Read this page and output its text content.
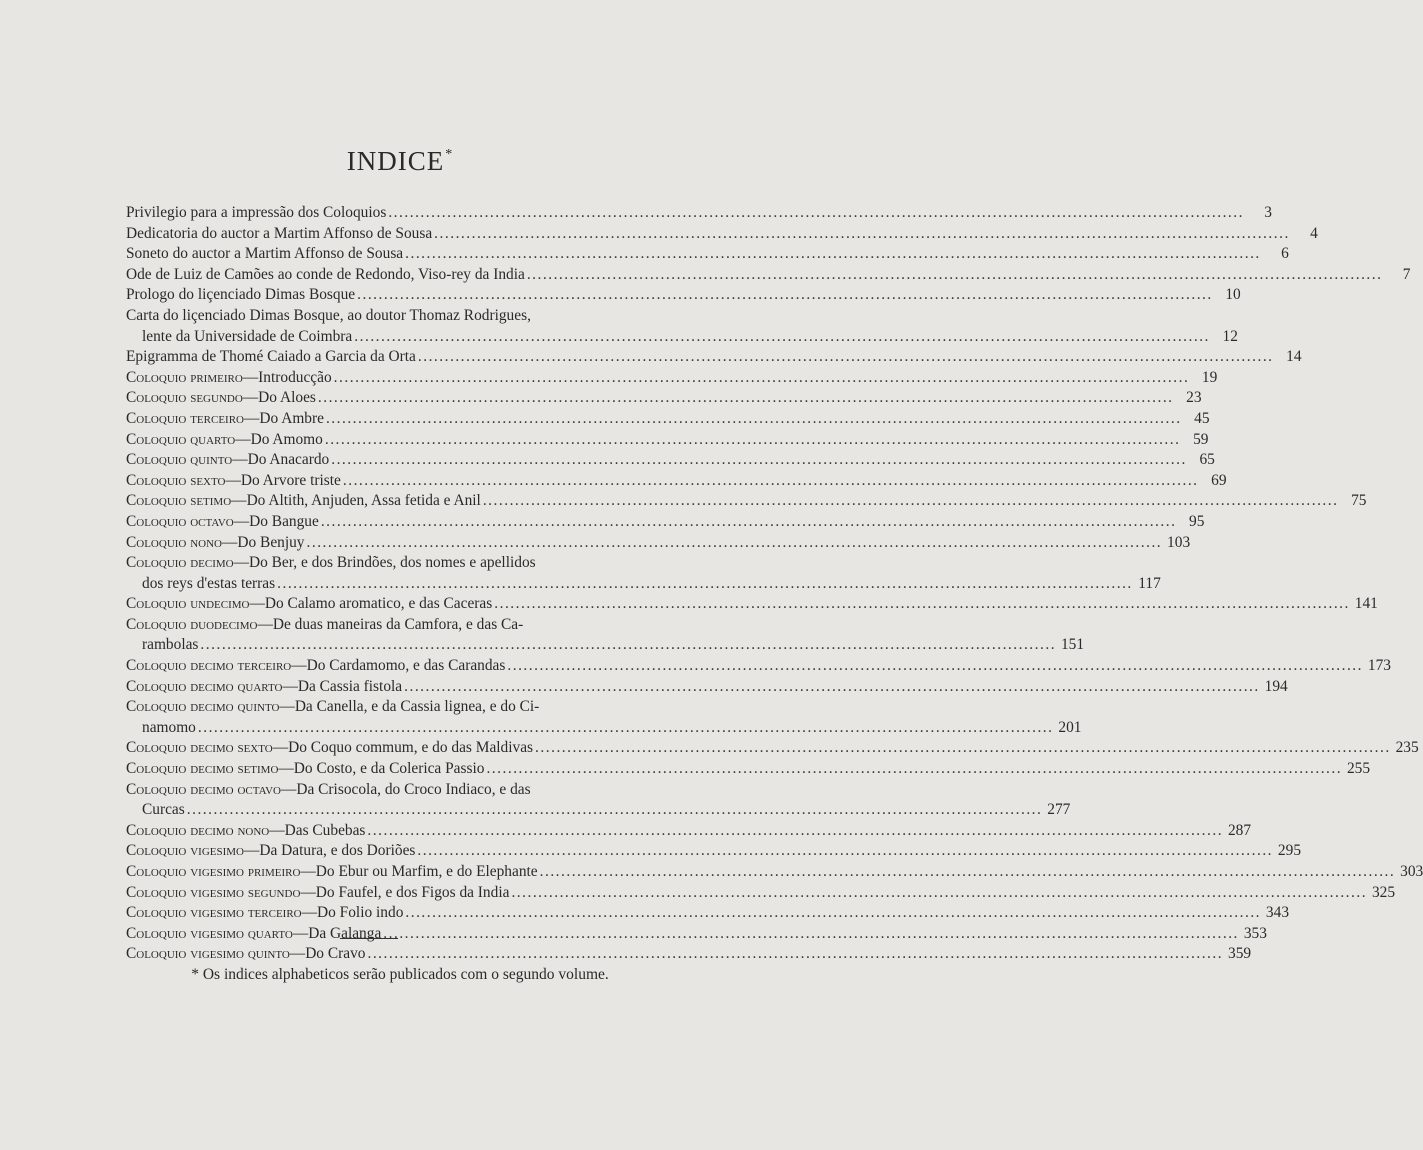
INDICE*
Privilegio para a impressão dos Coloquios ................................................................................................................................................................	3
Dedicatoria do auctor a Martim Affonso de Sousa ................................................................................................................................................................	4
Soneto do auctor a Martim Affonso de Sousa ................................................................................................................................................................	6
Ode de Luiz de Camões ao conde de Redondo, Viso-rey da India ................................................................................................................................................................	7
Prologo do liçenciado Dimas Bosque ................................................................................................................................................................ 10
Carta do liçenciado Dimas Bosque, ao doutor Thomaz Rodrigues,
lente da Universidade de Coimbra ................................................................................................................................................................ 12
Epigramma de Thomé Caiado a Garcia da Orta ................................................................................................................................................................ 14
Coloquio primeiro—Introducção ................................................................................................................................................................ 19
Coloquio segundo—Do Aloes ................................................................................................................................................................ 23
Coloquio terceiro—Do Ambre ................................................................................................................................................................ 45
Coloquio quarto—Do Amomo ................................................................................................................................................................ 59
Coloquio quinto—Do Anacardo ................................................................................................................................................................ 65
Coloquio sexto—Do Arvore triste ................................................................................................................................................................ 69
Coloquio setimo—Do Altith, Anjuden, Assa fetida e Anil ................................................................................................................................................................ 75
Coloquio octavo—Do Bangue ................................................................................................................................................................ 95
Coloquio nono—Do Benjuy ................................................................................................................................................................ 103
Coloquio decimo—Do Ber, e dos Brindões, dos nomes e apellidos
dos reys d'estas terras ................................................................................................................................................................ 117
Coloquio undecimo—Do Calamo aromatico, e das Caceras ................................................................................................................................................................ 141
Coloquio duodecimo—De duas maneiras da Camfora, e das Ca-
rambolas ................................................................................................................................................................ 151
Coloquio decimo terceiro—Do Cardamomo, e das Carandas ................................................................................................................................................................ 173
Coloquio decimo quarto—Da Cassia fistola ................................................................................................................................................................ 194
Coloquio decimo quinto—Da Canella, e da Cassia lignea, e do Ci-
namomo ................................................................................................................................................................ 201
Coloquio decimo sexto—Do Coquo commum, e do das Maldivas ................................................................................................................................................................ 235
Coloquio decimo setimo—Do Costo, e da Colerica Passio ................................................................................................................................................................ 255
Coloquio decimo octavo—Da Crisocola, do Croco Indiaco, e das
Curcas ................................................................................................................................................................ 277
Coloquio decimo nono—Das Cubebas ................................................................................................................................................................ 287
Coloquio vigesimo—Da Datura, e dos Doriões ................................................................................................................................................................ 295
Coloquio vigesimo primeiro—Do Ebur ou Marfim, e do Elephante ................................................................................................................................................................ 303
Coloquio vigesimo segundo—Do Faufel, e dos Figos da India ................................................................................................................................................................ 325
Coloquio vigesimo terceiro—Do Folio indo ................................................................................................................................................................ 343
Coloquio vigesimo quarto—Da Galanga ................................................................................................................................................................ 353
Coloquio vigesimo quinto—Do Cravo ................................................................................................................................................................ 359
* Os indices alphabeticos serão publicados com o segundo volume.
